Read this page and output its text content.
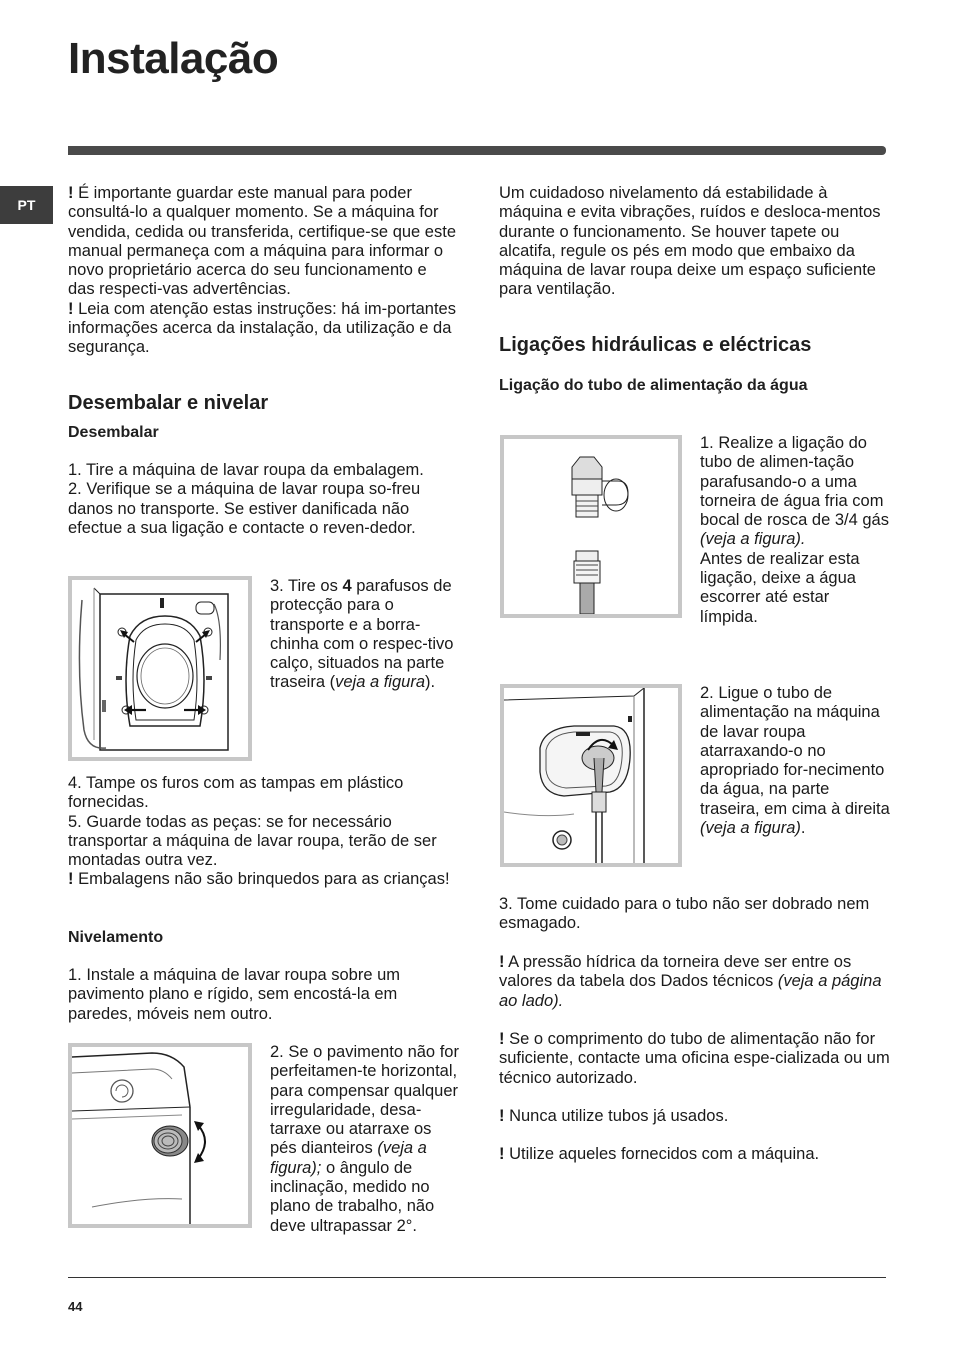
Instalação
PT

! É importante guardar este manual para poder consultá-lo a qualquer momento. Se a máquina for vendida, cedida ou transferida, certifique-se que este manual permaneça com a máquina para informar o novo proprietário acerca do seu funcionamento e das respecti-vas advertências.

! Leia com atenção estas instruções: há im-portantes informações acerca da instalação, da utilização e da segurança.

Desembalar e nivelar
Desembalar

1. Tire a máquina de lavar roupa da embalagem.

2. Verifique se a máquina de lavar roupa so-freu danos no transporte. Se estiver danificada não efectue a sua ligação e contacte o reven-dedor.

3. Tire os 4 parafusos de protecção para o transporte e a borra-chinha com o respec-tivo calço, situados na parte traseira (veja a figura).

4. Tampe os furos com as tampas em plástico fornecidas.

5. Guarde todas as peças: se for necessário transportar a máquina de lavar roupa, terão de ser montadas outra vez.

! Embalagens não são brinquedos para as crianças!

Nivelamento

1. Instale a máquina de lavar roupa sobre um pavimento plano e rígido, sem encostá-la em paredes, móveis nem outro.

2. Se o pavimento não for perfeitamen-te horizontal, para compensar qualquer irregularidade, desa-tarraxe ou atarraxe os pés dianteiros (veja a figura); o ângulo de inclinação, medido no plano de trabalho, não deve ultrapassar 2°.

Um cuidadoso nivelamento dá estabilidade à máquina e evita vibrações, ruídos e desloca-mentos durante o funcionamento. Se houver tapete ou alcatifa, regule os pés em modo que embaixo da máquina de lavar roupa deixe um espaço suficiente para ventilação.

Ligações hidráulicas e eléctricas
Ligação do tubo de alimentação da água

1. Realize a ligação do tubo de alimen-tação parafusando-o a uma torneira de água fria com bocal de rosca de 3/4 gás (veja a figura).

Antes de realizar esta ligação, deixe a água escorrer até estar límpida.

2. Ligue o tubo de alimentação na máquina de lavar roupa atarraxando-o no apropriado for-necimento da água, na parte traseira, em cima à direita (veja a figura).

3. Tome cuidado para o tubo não ser dobrado nem esmagado.

! A pressão hídrica da torneira deve ser entre os valores da tabela dos Dados técnicos (veja a página ao lado).

! Se o comprimento do tubo de alimentação não for suficiente, contacte uma oficina espe-cializada ou um técnico autorizado.

! Nunca utilize tubos já usados.

! Utilize aqueles fornecidos com a máquina.

44
